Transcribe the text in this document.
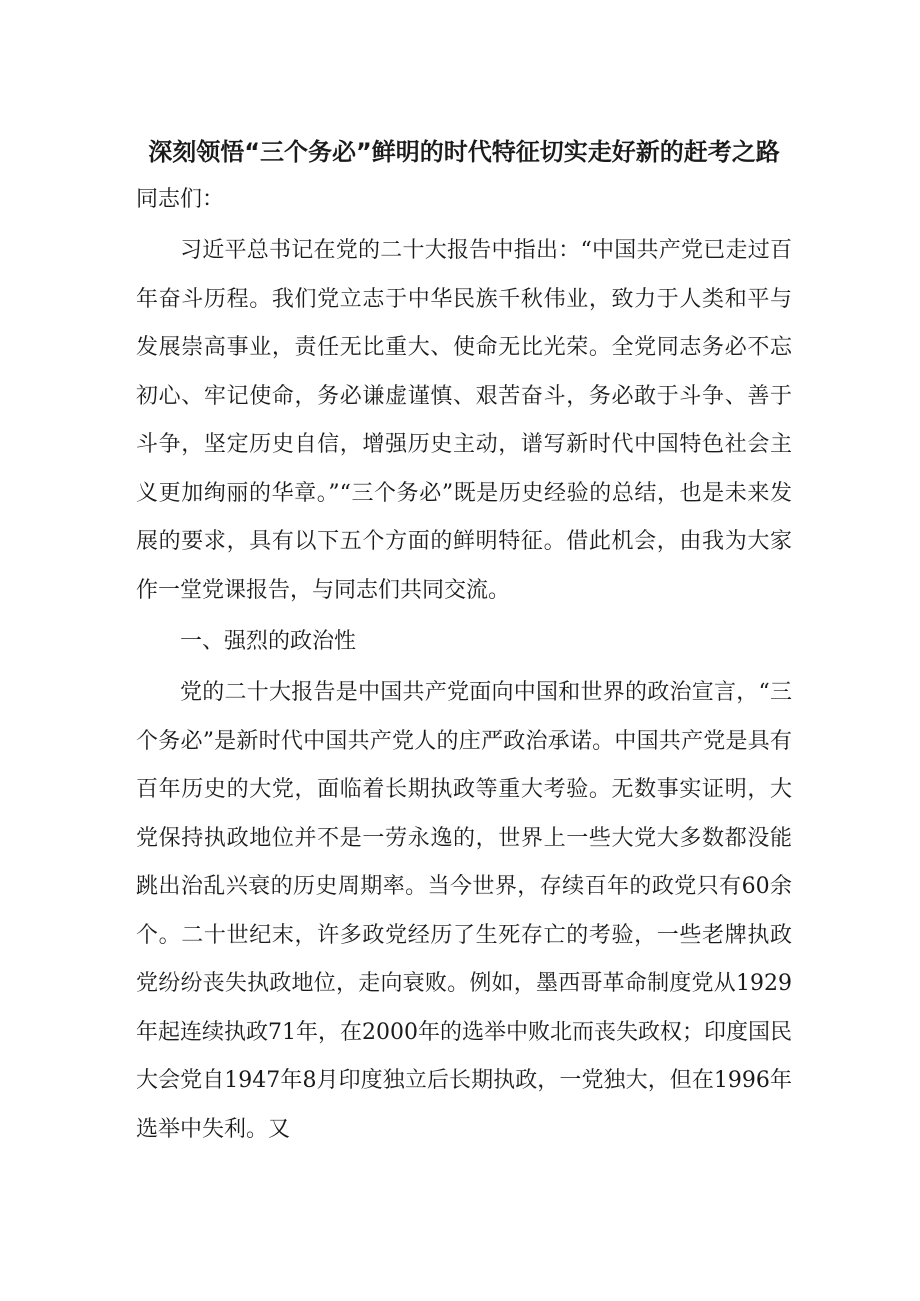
深刻领悟“三个务必”鲜明的时代特征切实走好新的赶考之路

同志们：

习近平总书记在党的二十大报告中指出：“中国共产党已走过百年奋斗历程。我们党立志于中华民族千秋伟业，致力于人类和平与发展崇高事业，责任无比重大、使命无比光荣。全党同志务必不忘初心、牢记使命，务必谦虚谨慎、艰苦奋斗，务必敢于斗争、善于斗争，坚定历史自信，增强历史主动，谱写新时代中国特色社会主义更加绚丽的华章。”“三个务必”既是历史经验的总结，也是未来发展的要求，具有以下五个方面的鲜明特征。借此机会，由我为大家作一堂党课报告，与同志们共同交流。

一、强烈的政治性

党的二十大报告是中国共产党面向中国和世界的政治宣言，“三个务必”是新时代中国共产党人的庄严政治承诺。中国共产党是具有百年历史的大党，面临着长期执政等重大考验。无数事实证明，大党保持执政地位并不是一劳永逸的，世界上一些大党大多数都没能跳出治乱兴衰的历史周期率。当今世界，存续百年的政党只有60余个。二十世纪末，许多政党经历了生死存亡的考验，一些老牌执政党纷纷丧失执政地位，走向衰败。例如，墨西哥革命制度党从1929年起连续执政71年，在2000年的选举中败北而丧失政权；印度国民大会党自1947年8月印度独立后长期执政，一党独大，但在1996年选举中失利。又
